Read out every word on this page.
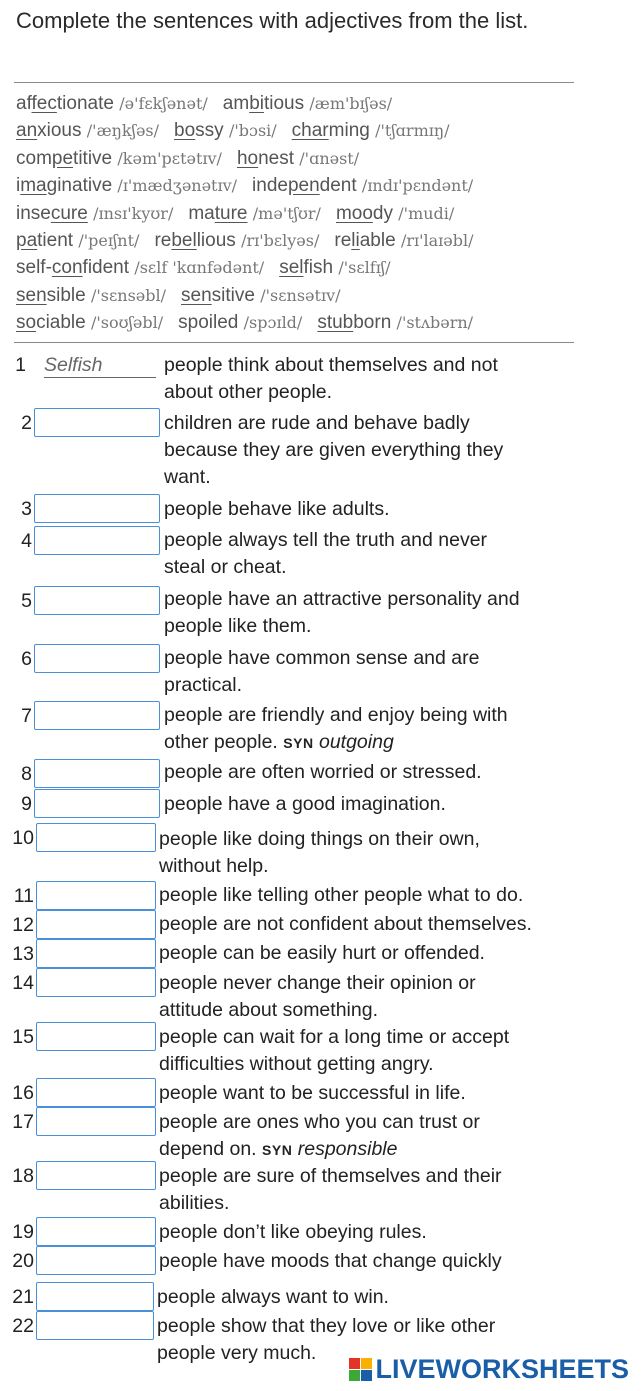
Complete the sentences with adjectives from the list.
affectionate /ə'fɛkʃənət/ ambitious /æm'bɪʃəs/
anxious /'æŋkʃəs/ bossy /'bɔsi/ charming /'tʃɑrmɪŋ/
competitive /kəm'pɛtətɪv/ honest /'ɑnəst/
imaginative /ɪ'mædʒənətɪv/ independent /ɪndɪ'pɛndənt/
insecure /ɪnsɪ'kyʊr/ mature /mə'tʃʊr/ moody /'mudi/
patient /'peɪʃnt/ rebellious /rɪ'bɛlyəs/ reliable /rɪ'laɪəbl/
self-confident /sɛlf 'kɑnfədənt/ selfish /'sɛlfɪʃ/
sensible /'sɛnsəbl/ sensitive /'sɛnsətɪv/
sociable /'soʊʃəbl/ spoiled /spɔɪld/ stubborn /'stʌbərn/
1 Selfish	people think about themselves and not
about other people.
2	children are rude and behave badly
because they are given everything they
want.
3	people behave like adults.
4	people always tell the truth and never
steal or cheat.
5	people have an attractive personality and
people like them.
6	people have common sense and are
practical.
7	people are friendly and enjoy being with
other people. SYN outgoing
8	people are often worried or stressed.
9	people have a good imagination.
10	people like doing things on their own,
without help.
11	people like telling other people what to do.
12	people are not confident about themselves.
13	people can be easily hurt or offended.
14	people never change their opinion or
attitude about something.
15	people can wait for a long time or accept
difficulties without getting angry.
16	people want to be successful in life.
17	people are ones who you can trust or
depend on. SYN responsible
18	people are sure of themselves and their
abilities.
19	people don’t like obeying rules.
20	people have moods that change quickly
21	people always want to win.
22	people show that they love or like other
people very much.
LIVEWORKSHEETS
